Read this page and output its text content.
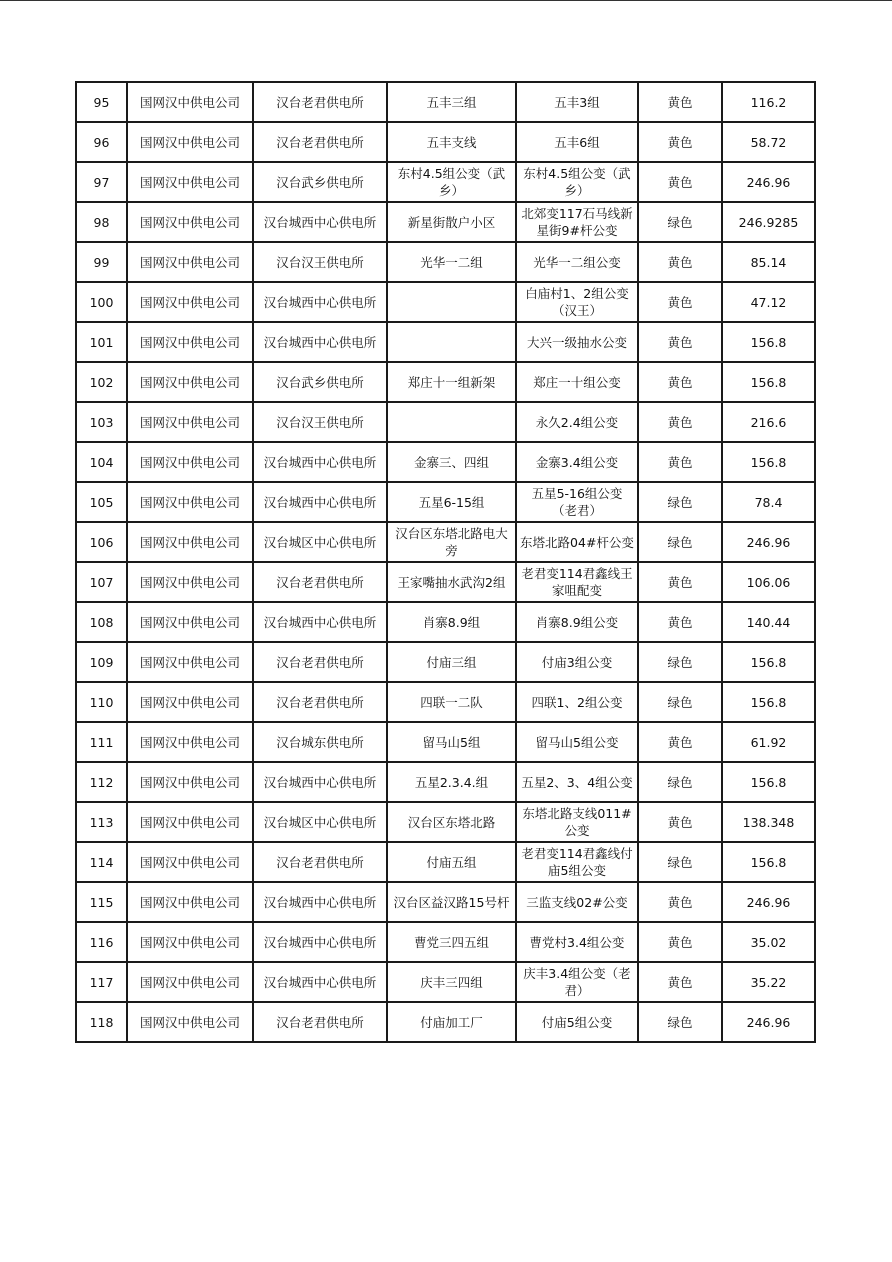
95	国网汉中供电公司	汉台老君供电所	五丰三组	五丰3组	黄色	116.2
96	国网汉中供电公司	汉台老君供电所	五丰支线	五丰6组	黄色	58.72
97	国网汉中供电公司	汉台武乡供电所	东村4.5组公变（武乡）	东村4.5组公变（武乡）	黄色	246.96
98	国网汉中供电公司	汉台城西中心供电所	新星街散户小区	北郊变117石马线新星街9#杆公变	绿色	246.9285
99	国网汉中供电公司	汉台汉王供电所	光华一二组	光华一二组公变	黄色	85.14
100	国网汉中供电公司	汉台城西中心供电所		白庙村1、2组公变（汉王）	黄色	47.12
101	国网汉中供电公司	汉台城西中心供电所		大兴一级抽水公变	黄色	156.8
102	国网汉中供电公司	汉台武乡供电所	郑庄十一组新架	郑庄一十组公变	黄色	156.8
103	国网汉中供电公司	汉台汉王供电所		永久2.4组公变	黄色	216.6
104	国网汉中供电公司	汉台城西中心供电所	金寨三、四组	金寨3.4组公变	黄色	156.8
105	国网汉中供电公司	汉台城西中心供电所	五星6-15组	五星5-16组公变（老君）	绿色	78.4
106	国网汉中供电公司	汉台城区中心供电所	汉台区东塔北路电大旁	东塔北路04#杆公变	绿色	246.96
107	国网汉中供电公司	汉台老君供电所	王家嘴抽水武沟2组	老君变114君鑫线王家咀配变	黄色	106.06
108	国网汉中供电公司	汉台城西中心供电所	肖寨8.9组	肖寨8.9组公变	黄色	140.44
109	国网汉中供电公司	汉台老君供电所	付庙三组	付庙3组公变	绿色	156.8
110	国网汉中供电公司	汉台老君供电所	四联一二队	四联1、2组公变	绿色	156.8
111	国网汉中供电公司	汉台城东供电所	留马山5组	留马山5组公变	黄色	61.92
112	国网汉中供电公司	汉台城西中心供电所	五星2.3.4.组	五星2、3、4组公变	绿色	156.8
113	国网汉中供电公司	汉台城区中心供电所	汉台区东塔北路	东塔北路支线011#公变	黄色	138.348
114	国网汉中供电公司	汉台老君供电所	付庙五组	老君变114君鑫线付庙5组公变	绿色	156.8
115	国网汉中供电公司	汉台城西中心供电所	汉台区益汉路15号杆	三监支线02#公变	黄色	246.96
116	国网汉中供电公司	汉台城西中心供电所	曹党三四五组	曹党村3.4组公变	黄色	35.02
117	国网汉中供电公司	汉台城西中心供电所	庆丰三四组	庆丰3.4组公变（老君）	黄色	35.22
118	国网汉中供电公司	汉台老君供电所	付庙加工厂	付庙5组公变	绿色	246.96
